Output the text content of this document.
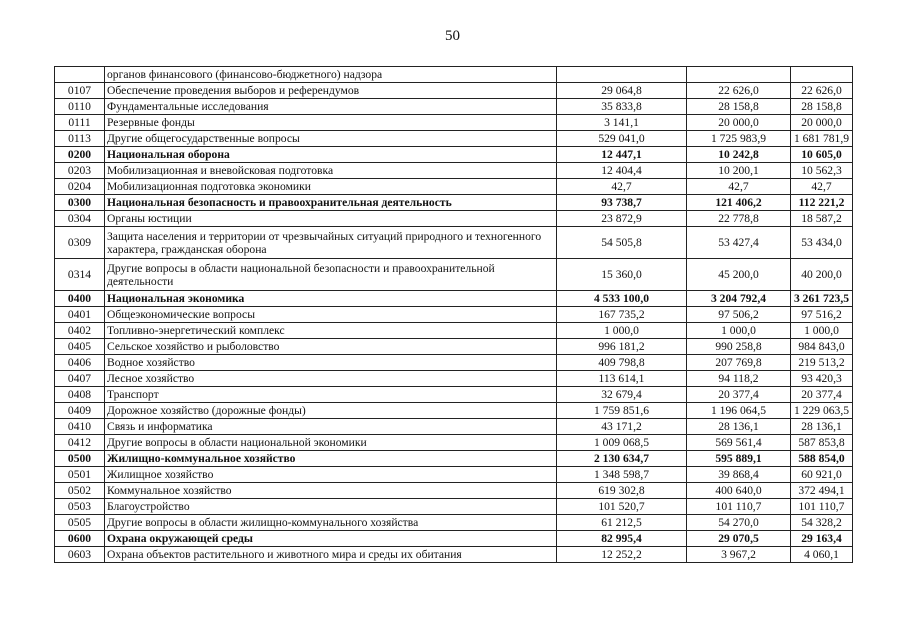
50
	органов финансового (финансово-бюджетного) надзора			
0107	Обеспечение проведения выборов и референдумов	29 064,8	22 626,0	22 626,0
0110	Фундаментальные исследования	35 833,8	28 158,8	28 158,8
0111	Резервные фонды	3 141,1	20 000,0	20 000,0
0113	Другие общегосударственные вопросы	529 041,0	1 725 983,9	1 681 781,9
0200	Национальная оборона	12 447,1	10 242,8	10 605,0
0203	Мобилизационная и вневойсковая подготовка	12 404,4	10 200,1	10 562,3
0204	Мобилизационная подготовка экономики	42,7	42,7	42,7
0300	Национальная безопасность и правоохранительная деятельность	93 738,7	121 406,2	112 221,2
0304	Органы юстиции	23 872,9	22 778,8	18 587,2
0309	Защита населения и территории от чрезвычайных ситуаций природного и техногенного характера, гражданская оборона	54 505,8	53 427,4	53 434,0
0314	Другие вопросы в области национальной безопасности и правоохранительной деятельности	15 360,0	45 200,0	40 200,0
0400	Национальная экономика	4 533 100,0	3 204 792,4	3 261 723,5
0401	Общеэкономические вопросы	167 735,2	97 506,2	97 516,2
0402	Топливно-энергетический комплекс	1 000,0	1 000,0	1 000,0
0405	Сельское хозяйство и рыболовство	996 181,2	990 258,8	984 843,0
0406	Водное хозяйство	409 798,8	207 769,8	219 513,2
0407	Лесное хозяйство	113 614,1	94 118,2	93 420,3
0408	Транспорт	32 679,4	20 377,4	20 377,4
0409	Дорожное хозяйство (дорожные фонды)	1 759 851,6	1 196 064,5	1 229 063,5
0410	Связь и информатика	43 171,2	28 136,1	28 136,1
0412	Другие вопросы в области национальной экономики	1 009 068,5	569 561,4	587 853,8
0500	Жилищно-коммунальное хозяйство	2 130 634,7	595 889,1	588 854,0
0501	Жилищное хозяйство	1 348 598,7	39 868,4	60 921,0
0502	Коммунальное хозяйство	619 302,8	400 640,0	372 494,1
0503	Благоустройство	101 520,7	101 110,7	101 110,7
0505	Другие вопросы в области жилищно-коммунального хозяйства	61 212,5	54 270,0	54 328,2
0600	Охрана окружающей среды	82 995,4	29 070,5	29 163,4
0603	Охрана объектов растительного и животного мира и среды их обитания	12 252,2	3 967,2	4 060,1
